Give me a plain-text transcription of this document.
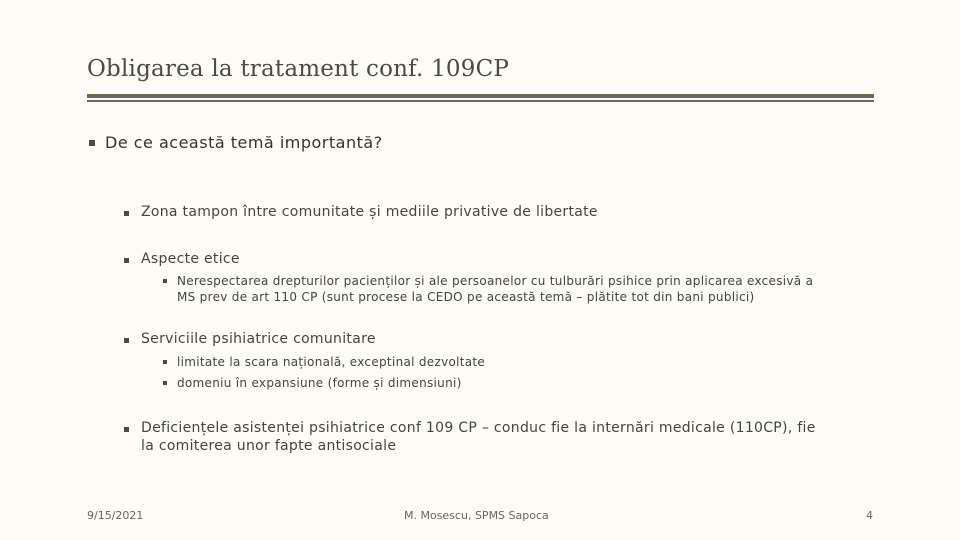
Obligarea la tratament conf. 109CP
De ce această temă importantă?
Zona tampon între comunitate și mediile privative de libertate
Aspecte etice
Nerespectarea drepturilor pacienților și ale persoanelor cu tulburări psihice prin aplicarea excesivă a
MS prev de art 110 CP (sunt procese la CEDO pe această temă – plătite tot din bani publici)
Serviciile psihiatrice comunitare
limitate la scara națională, exceptinal dezvoltate
domeniu în expansiune (forme și dimensiuni)
Deficiențele asistenței psihiatrice conf 109 CP – conduc fie la internări medicale (110CP), fie
la comiterea unor fapte antisociale
9/15/2021	M. Mosescu, SPMS Sapoca	4
